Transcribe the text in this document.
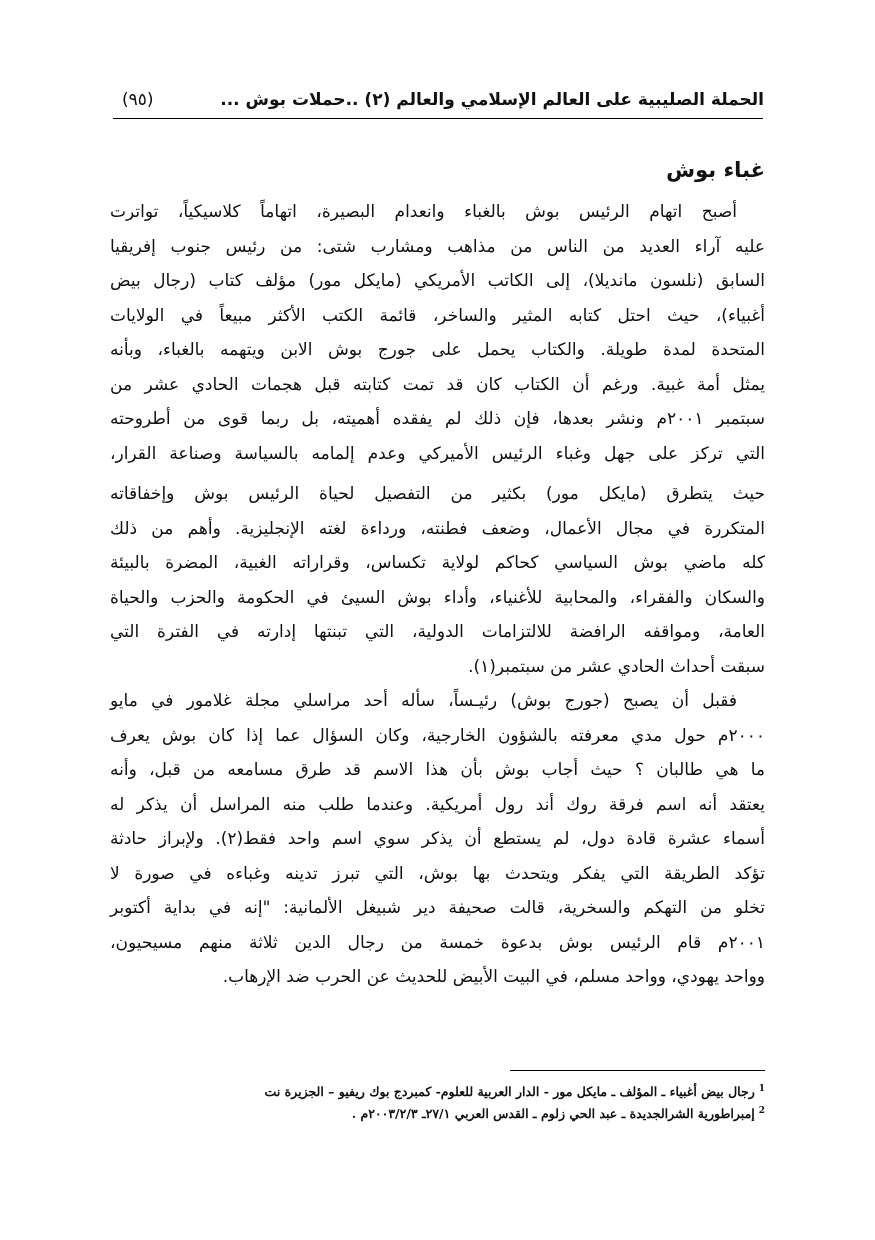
الحملة الصليبية على العالم الإسلامي والعالم (٢) ..حملات بوش ...
(٩٥)
غباء بوش
أصبح اتهام الرئيس بوش بالغباء وانعدام البصيرة، اتهاماً كلاسيكياً، تواترت
عليه آراء العديد من الناس من مذاهب ومشارب شتى: من رئيس جنوب إفريقيا
السابق (نلسون مانديلا)، إلى الكاتب الأمريكي (مايكل مور) مؤلف كتاب (رجال بيض
أغبياء)، حيث احتل كتابه المثير والساخر، قائمة الكتب الأكثر مبيعاً في الولايات
المتحدة لمدة طويلة. والكتاب يحمل على جورج بوش الابن ويتهمه بالغباء، وبأنه
يمثل أمة غبية. ورغم أن الكتاب كان قد تمت كتابته قبل هجمات الحادي عشر من
سبتمبر ٢٠٠١م ونشر بعدها، فإن ذلك لم يفقده أهميته، بل ربما قوى من أطروحته
التي تركز على جهل وغباء الرئيس الأميركي وعدم إلمامه بالسياسة وصناعة القرار،
حيث يتطرق (مايكل مور) بكثير من التفصيل لحياة الرئيس بوش وإخفاقاته
المتكررة في مجال الأعمال، وضعف فطنته، ورداءة لغته الإنجليزية. وأهم من ذلك
كله ماضي بوش السياسي كحاكم لولاية تكساس، وقراراته الغبية، المضرة بالبيئة
والسكان والفقراء، والمحابية للأغنياء، وأداء بوش السيئ في الحكومة والحزب والحياة
العامة، ومواقفه الرافضة للالتزامات الدولية، التي تبنتها إدارته في الفترة التي
سبقت أحداث الحادي عشر من سبتمبر(١).
فقبل أن يصبح (جورج بوش) رئيـساً، سأله أحد مراسلي مجلة غلامور في مايو
٢٠٠٠م حول مدي معرفته بالشؤون الخارجية، وكان السؤال عما إذا كان بوش يعرف
ما هي طالبان ؟ حيث أجاب بوش بأن هذا الاسم قد طرق مسامعه من قبل، وأنه
يعتقد أنه اسم فرقة روك أند رول أمريكية. وعندما طلب منه المراسل أن يذكر له
أسماء عشرة قادة دول، لم يستطع أن يذكر سوي اسم واحد فقط(٢). ولإبراز حادثة
تؤكد الطريقة التي يفكر ويتحدث بها بوش، التي تبرز تدينه وغباءه في صورة لا
تخلو من التهكم والسخرية، قالت صحيفة دير شبيغل الألمانية: "إنه في بداية أكتوبر
٢٠٠١م قام الرئيس بوش بدعوة خمسة من رجال الدين ثلاثة منهم مسيحيون،
وواحد يهودي، وواحد مسلم، في البيت الأبيض للحديث عن الحرب ضد الإرهاب.
$^1$رجال بيض أغبياء ـ المؤلف ـ مايكل مور - الدار العربية للعلوم- كمبردج بوك ريفيو – الجزيرة نت
$^2$إمبراطورية الشرالجديدة ـ عبد الحي زلوم ـ القدس العربي ٢٧/١ـ ٢٠٠٣/٢/٣م .
